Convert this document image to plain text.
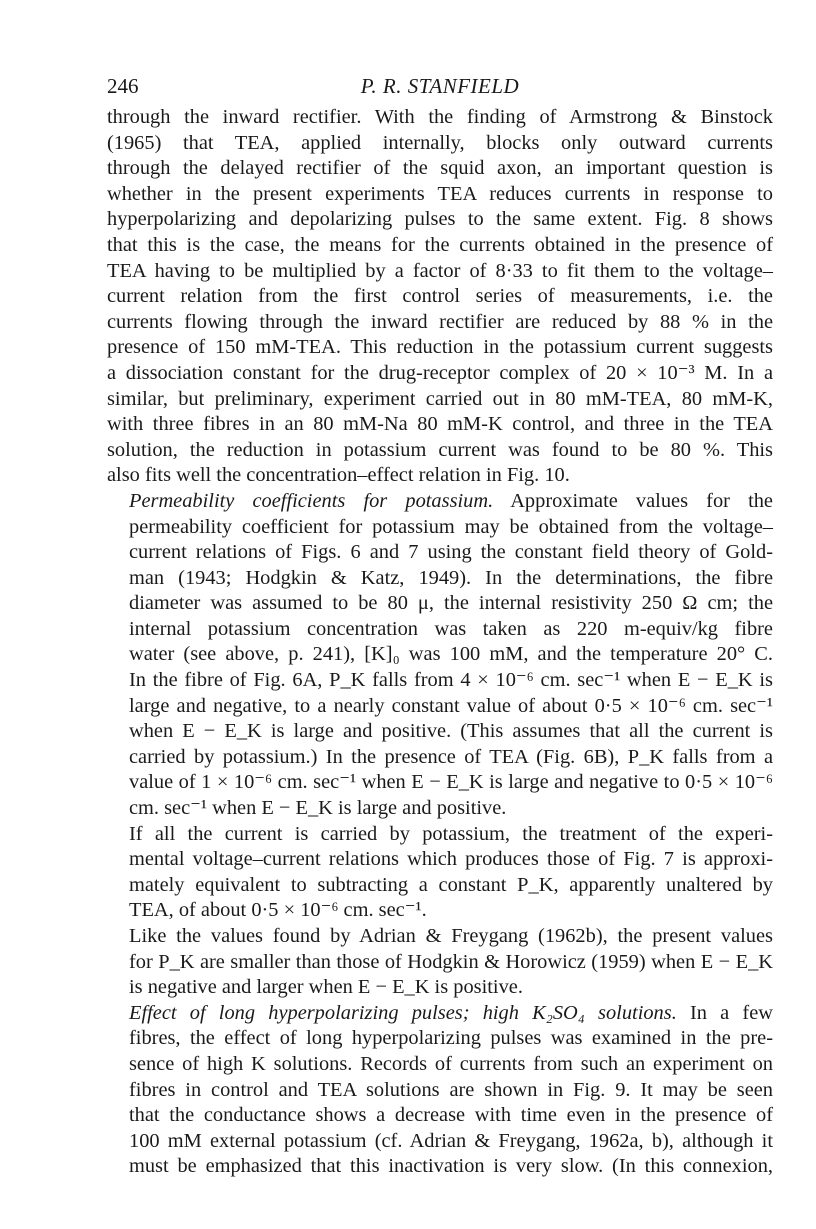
246	P. R. STANFIELD

through the inward rectifier. With the finding of Armstrong & Binstock
(1965) that TEA, applied internally, blocks only outward currents
through the delayed rectifier of the squid axon, an important question is
whether in the present experiments TEA reduces currents in response to
hyperpolarizing and depolarizing pulses to the same extent. Fig. 8 shows
that this is the case, the means for the currents obtained in the presence of
TEA having to be multiplied by a factor of 8·33 to fit them to the voltage–
current relation from the first control series of measurements, i.e. the
currents flowing through the inward rectifier are reduced by 88 % in the
presence of 150 mM-TEA. This reduction in the potassium current suggests
a dissociation constant for the drug-receptor complex of 20 × 10⁻³ M. In a
similar, but preliminary, experiment carried out in 80 mM-TEA, 80 mM-K,
with three fibres in an 80 mM-Na 80 mM-K control, and three in the TEA
solution, the reduction in potassium current was found to be 80 %. This
also fits well the concentration–effect relation in Fig. 10.

Permeability coefficients for potassium. Approximate values for the
permeability coefficient for potassium may be obtained from the voltage–
current relations of Figs. 6 and 7 using the constant field theory of Gold-
man (1943; Hodgkin & Katz, 1949). In the determinations, the fibre
diameter was assumed to be 80 μ, the internal resistivity 250 Ω cm; the
internal potassium concentration was taken as 220 m-equiv/kg fibre
water (see above, p. 241), [K]₀ was 100 mM, and the temperature 20° C.
In the fibre of Fig. 6A, P_K falls from 4 × 10⁻⁶ cm. sec⁻¹ when E − E_K is
large and negative, to a nearly constant value of about 0·5 × 10⁻⁶ cm. sec⁻¹
when E − E_K is large and positive. (This assumes that all the current is
carried by potassium.) In the presence of TEA (Fig. 6B), P_K falls from a
value of 1 × 10⁻⁶ cm. sec⁻¹ when E − E_K is large and negative to 0·5 × 10⁻⁶
cm. sec⁻¹ when E − E_K is large and positive.

If all the current is carried by potassium, the treatment of the experi-
mental voltage–current relations which produces those of Fig. 7 is approxi-
mately equivalent to subtracting a constant P_K, apparently unaltered by
TEA, of about 0·5 × 10⁻⁶ cm. sec⁻¹.

Like the values found by Adrian & Freygang (1962b), the present values
for P_K are smaller than those of Hodgkin & Horowicz (1959) when E − E_K
is negative and larger when E − E_K is positive.

Effect of long hyperpolarizing pulses; high K₂SO₄ solutions. In a few
fibres, the effect of long hyperpolarizing pulses was examined in the pre-
sence of high K solutions. Records of currents from such an experiment on
fibres in control and TEA solutions are shown in Fig. 9. It may be seen
that the conductance shows a decrease with time even in the presence of
100 mM external potassium (cf. Adrian & Freygang, 1962a, b), although it
must be emphasized that this inactivation is very slow. (In this connexion,
